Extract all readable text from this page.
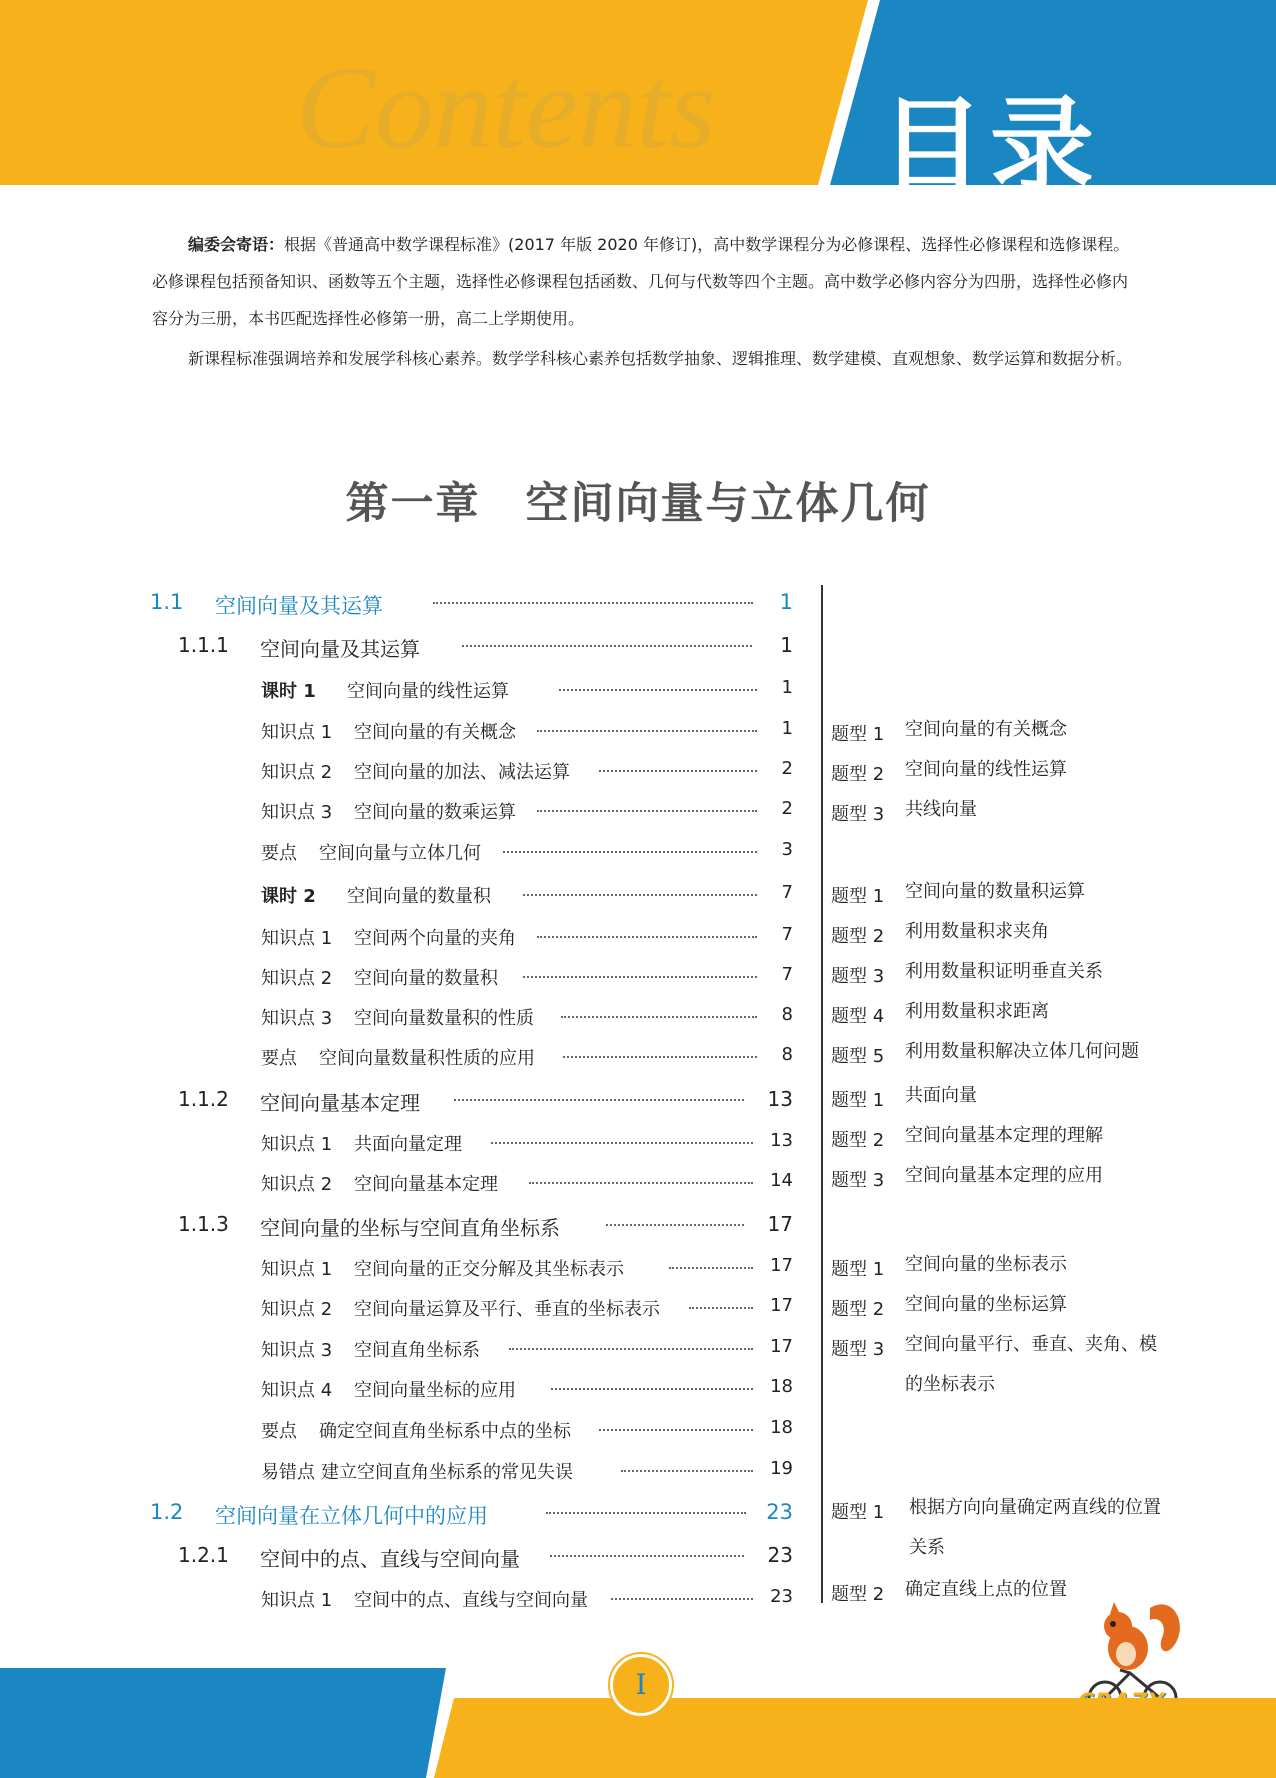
Contents 目录

编委会寄语：根据《普通高中数学课程标准》(2017 年版 2020 年修订)，高中数学课程分为必修课程、选择性必修课程和选修课程。必修课程包括预备知识、函数等五个主题，选择性必修课程包括函数、几何与代数等四个主题。高中数学必修内容分为四册，选择性必修内容分为三册，本书匹配选择性必修第一册，高二上学期使用。

新课程标准强调培养和发展学科核心素养。数学学科核心素养包括数学抽象、逻辑推理、数学建模、直观想象、数学运算和数据分析。

第一章　空间向量与立体几何
1.1 空间向量及其运算	1
1.1.1 空间向量及其运算	1
课时 1 空间向量的线性运算	1
知识点 1 空间向量的有关概念	1
知识点 2 空间向量的加法、减法运算	2
知识点 3 空间向量的数乘运算	2
要点 空间向量与立体几何	3
课时 2 空间向量的数量积	7
知识点 1 空间两个向量的夹角	7
知识点 2 空间向量的数量积	7
知识点 3 空间向量数量积的性质	8
要点 空间向量数量积性质的应用	8
1.1.2 空间向量基本定理	13
知识点 1 共面向量定理	13
知识点 2 空间向量基本定理	14
1.1.3 空间向量的坐标与空间直角坐标系	17
知识点 1 空间向量的正交分解及其坐标表示	17
知识点 2 空间向量运算及平行、垂直的坐标表示	17
知识点 3 空间直角坐标系	17
知识点 4 空间向量坐标的应用	18
要点 确定空间直角坐标系中点的坐标	18
易错点 建立空间直角坐标系的常见失误	19
1.2 空间向量在立体几何中的应用	23
1.2.1 空间中的点、直线与空间向量	23
知识点 1 空间中的点、直线与空间向量	23
题型 1 空间向量的有关概念
题型 2 空间向量的线性运算
题型 3 共线向量
题型 1 空间向量的数量积运算
题型 2 利用数量积求夹角
题型 3 利用数量积证明垂直关系
题型 4 利用数量积求距离
题型 5 利用数量积解决立体几何问题
题型 1 共面向量
题型 2 空间向量基本定理的理解
题型 3 空间向量基本定理的应用
题型 1 空间向量的坐标表示
题型 2 空间向量的坐标运算
题型 3 空间向量平行、垂直、夹角、模的坐标表示
题型 1 根据方向向量确定两直线的位置关系
题型 2 确定直线上点的位置
I
